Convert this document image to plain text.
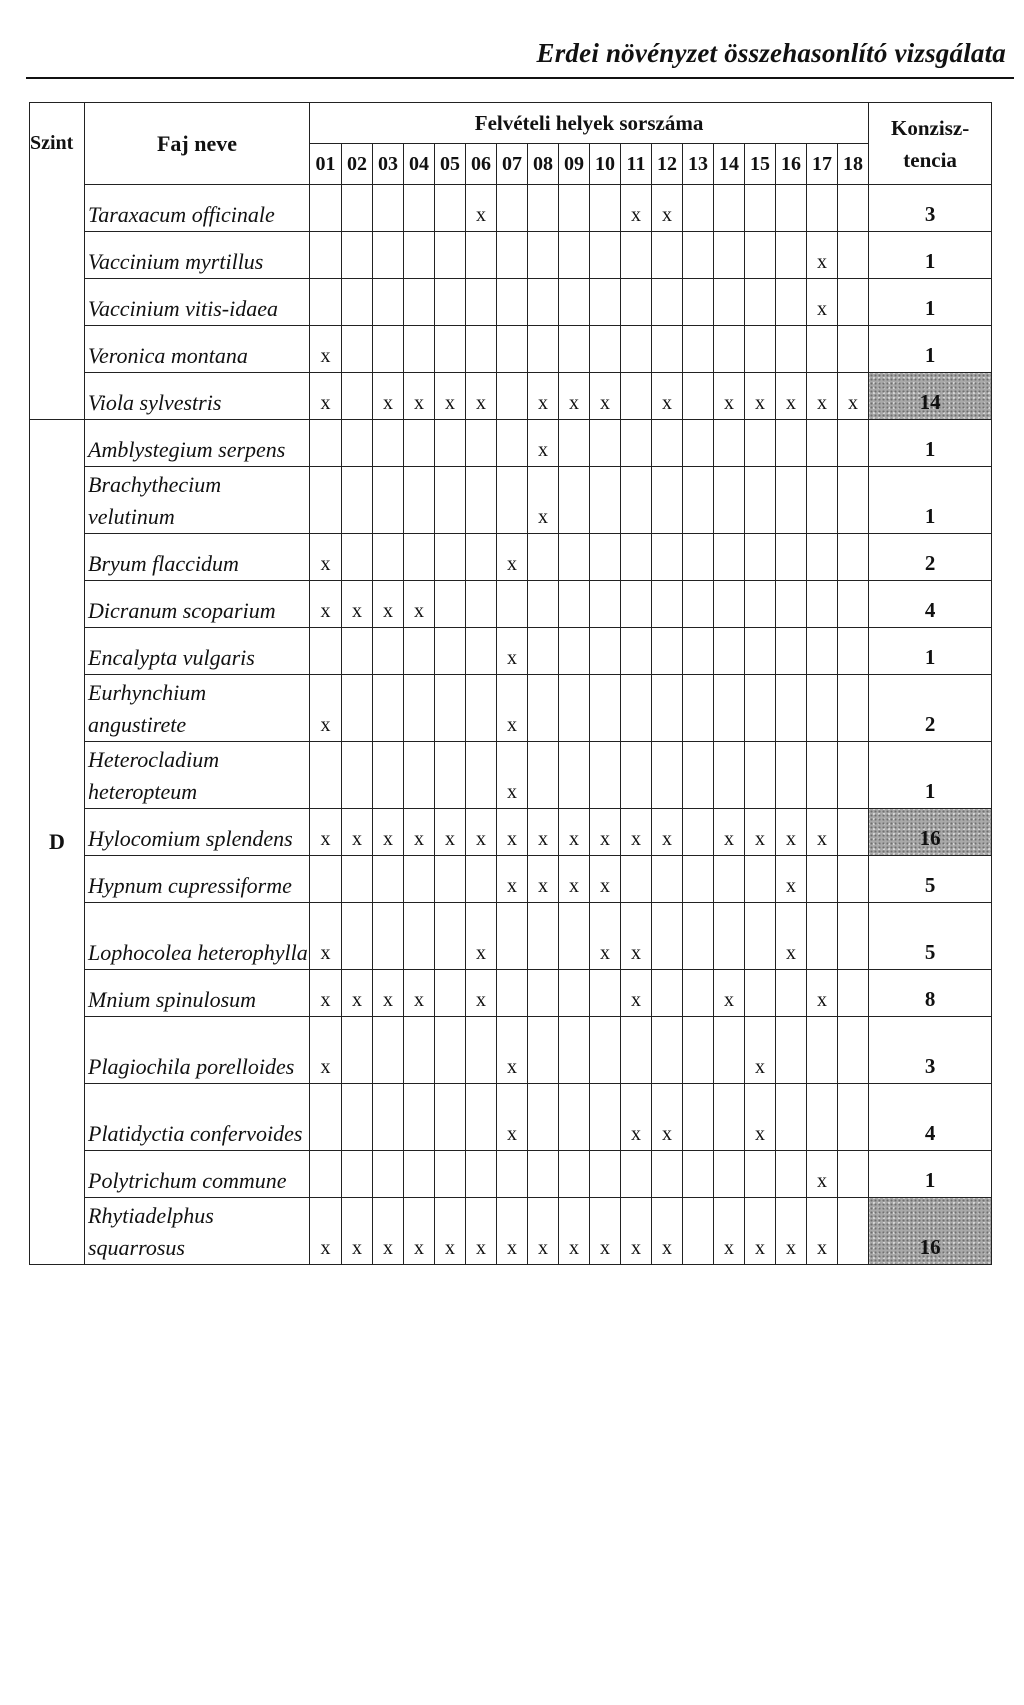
Erdei növényzet összehasonlító vizsgálata
Szint	Faj neve	Felvételi helyek sorszáma																		Konzisz-tencia
		01	02	03	04	05	06	07	08	09	10	11	12	13	14	15	16	17	18	
	Taraxacum officinale						x					x	x							3
	Vaccinium myrtillus																	x		1
	Vaccinium vitis-idaea																	x		1
	Veronica montana	x																		1
	Viola sylvestris	x		x	x	x	x		x	x	x		x		x	x	x	x	x	14
D	Amblystegium serpens								x											1
	Brachythecium velutinum								x											1
	Bryum flaccidum	x						x												2
	Dicranum scoparium	x	x	x	x															4
	Encalypta vulgaris							x												1
	Eurhynchium angustirete	x						x												2
	Heterocladium heteropteum							x												1
	Hylocomium splendens	x	x	x	x	x	x	x	x	x	x	x	x		x	x	x	x		16
	Hypnum cupressiforme							x	x	x	x						x			5
	Lophocolea heterophylla	x					x				x	x					x			5
	Mnium spinulosum	x	x	x	x		x					x			x			x		8
	Plagiochila porelloides	x						x								x				3
	Platidyctia confervoides							x				x	x			x				4
	Polytrichum commune																	x		1
	Rhytiadelphus squarrosus	x	x	x	x	x	x	x	x	x	x	x	x		x	x	x	x		16
